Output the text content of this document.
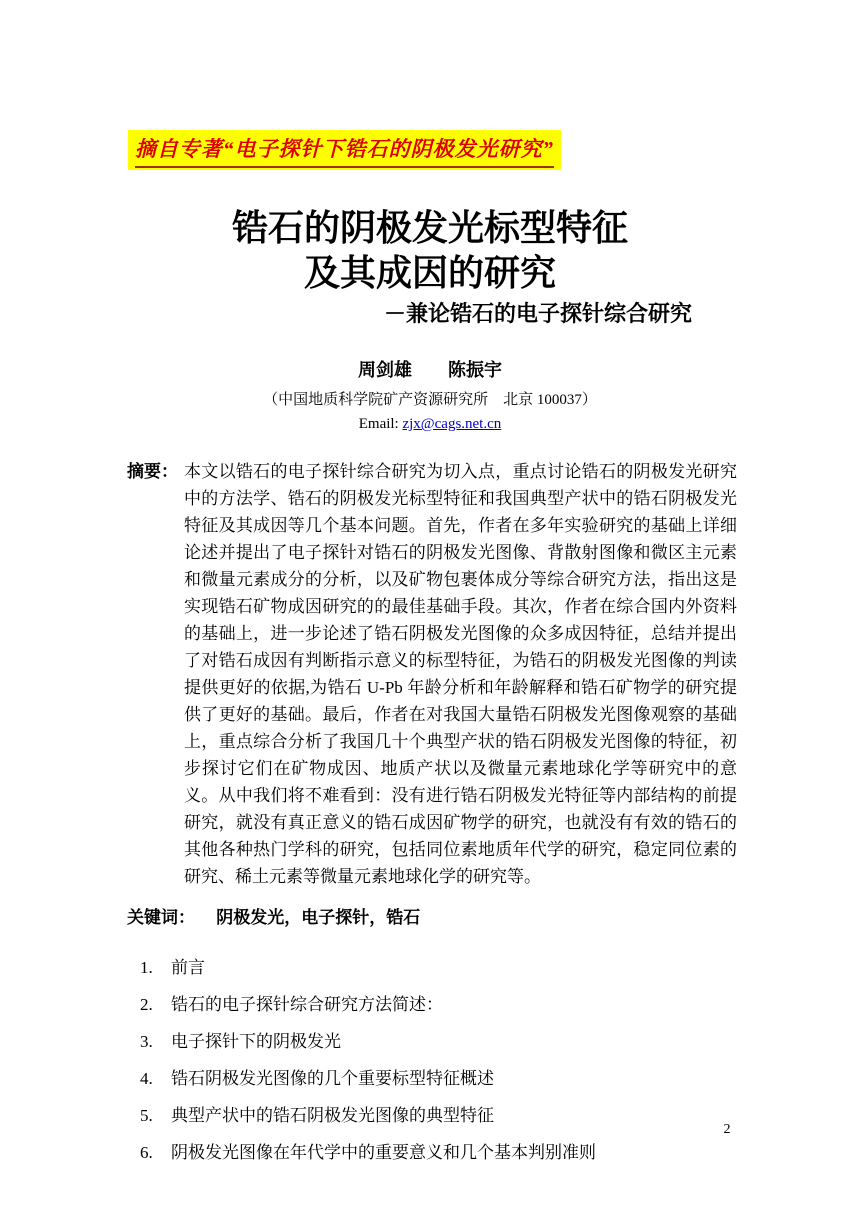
摘自专著“电子探针下锆石的阴极发光研究”
锆石的阴极发光标型特征
及其成因的研究
－兼论锆石的电子探针综合研究
周剑雄　　陈振宇
（中国地质科学院矿产资源研究所　北京 100037）
Email: zjx@cags.net.cn
摘要： 本文以锆石的电子探针综合研究为切入点，重点讨论锆石的阴极发光研究中的方法学、锆石的阴极发光标型特征和我国典型产状中的锆石阴极发光特征及其成因等几个基本问题。首先，作者在多年实验研究的基础上详细论述并提出了电子探针对锆石的阴极发光图像、背散射图像和微区主元素和微量元素成分的分析，以及矿物包裹体成分等综合研究方法，指出这是实现锆石矿物成因研究的的最佳基础手段。其次，作者在综合国内外资料的基础上，进一步论述了锆石阴极发光图像的众多成因特征，总结并提出了对锆石成因有判断指示意义的标型特征，为锆石的阴极发光图像的判读提供更好的依据,为锆石 U-Pb 年龄分析和年龄解释和锆石矿物学的研究提供了更好的基础。最后，作者在对我国大量锆石阴极发光图像观察的基础上，重点综合分析了我国几十个典型产状的锆石阴极发光图像的特征，初步探讨它们在矿物成因、地质产状以及微量元素地球化学等研究中的意义。从中我们将不难看到：没有进行锆石阴极发光特征等内部结构的前提研究，就没有真正意义的锆石成因矿物学的研究，也就没有有效的锆石的其他各种热门学科的研究，包括同位素地质年代学的研究，稳定同位素的研究、稀土元素等微量元素地球化学的研究等。
关键词： 阴极发光，电子探针，锆石
1.	前言
2.	锆石的电子探针综合研究方法简述：
3.	电子探针下的阴极发光
4.	锆石阴极发光图像的几个重要标型特征概述
5.	典型产状中的锆石阴极发光图像的典型特征
6.	阴极发光图像在年代学中的重要意义和几个基本判别准则
2
